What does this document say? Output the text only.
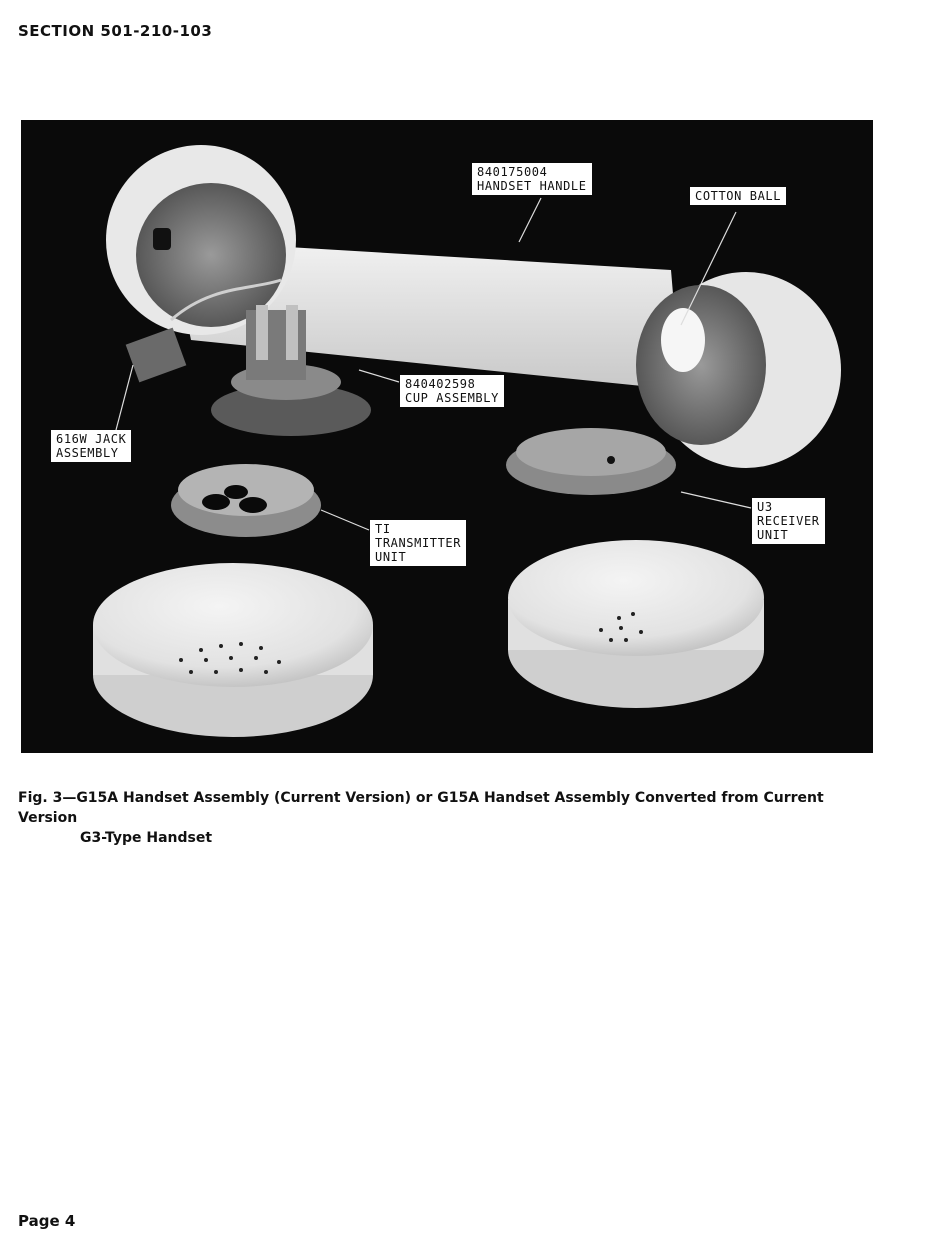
SECTION 501-210-103
840175004
HANDSET HANDLE
COTTON BALL
840402598
CUP ASSEMBLY
616W JACK
ASSEMBLY
TI
TRANSMITTER
UNIT
U3
RECEIVER
UNIT
Fig. 3—G15A Handset Assembly (Current Version) or G15A Handset Assembly Converted from Current Version
G3-Type Handset
Page 4
